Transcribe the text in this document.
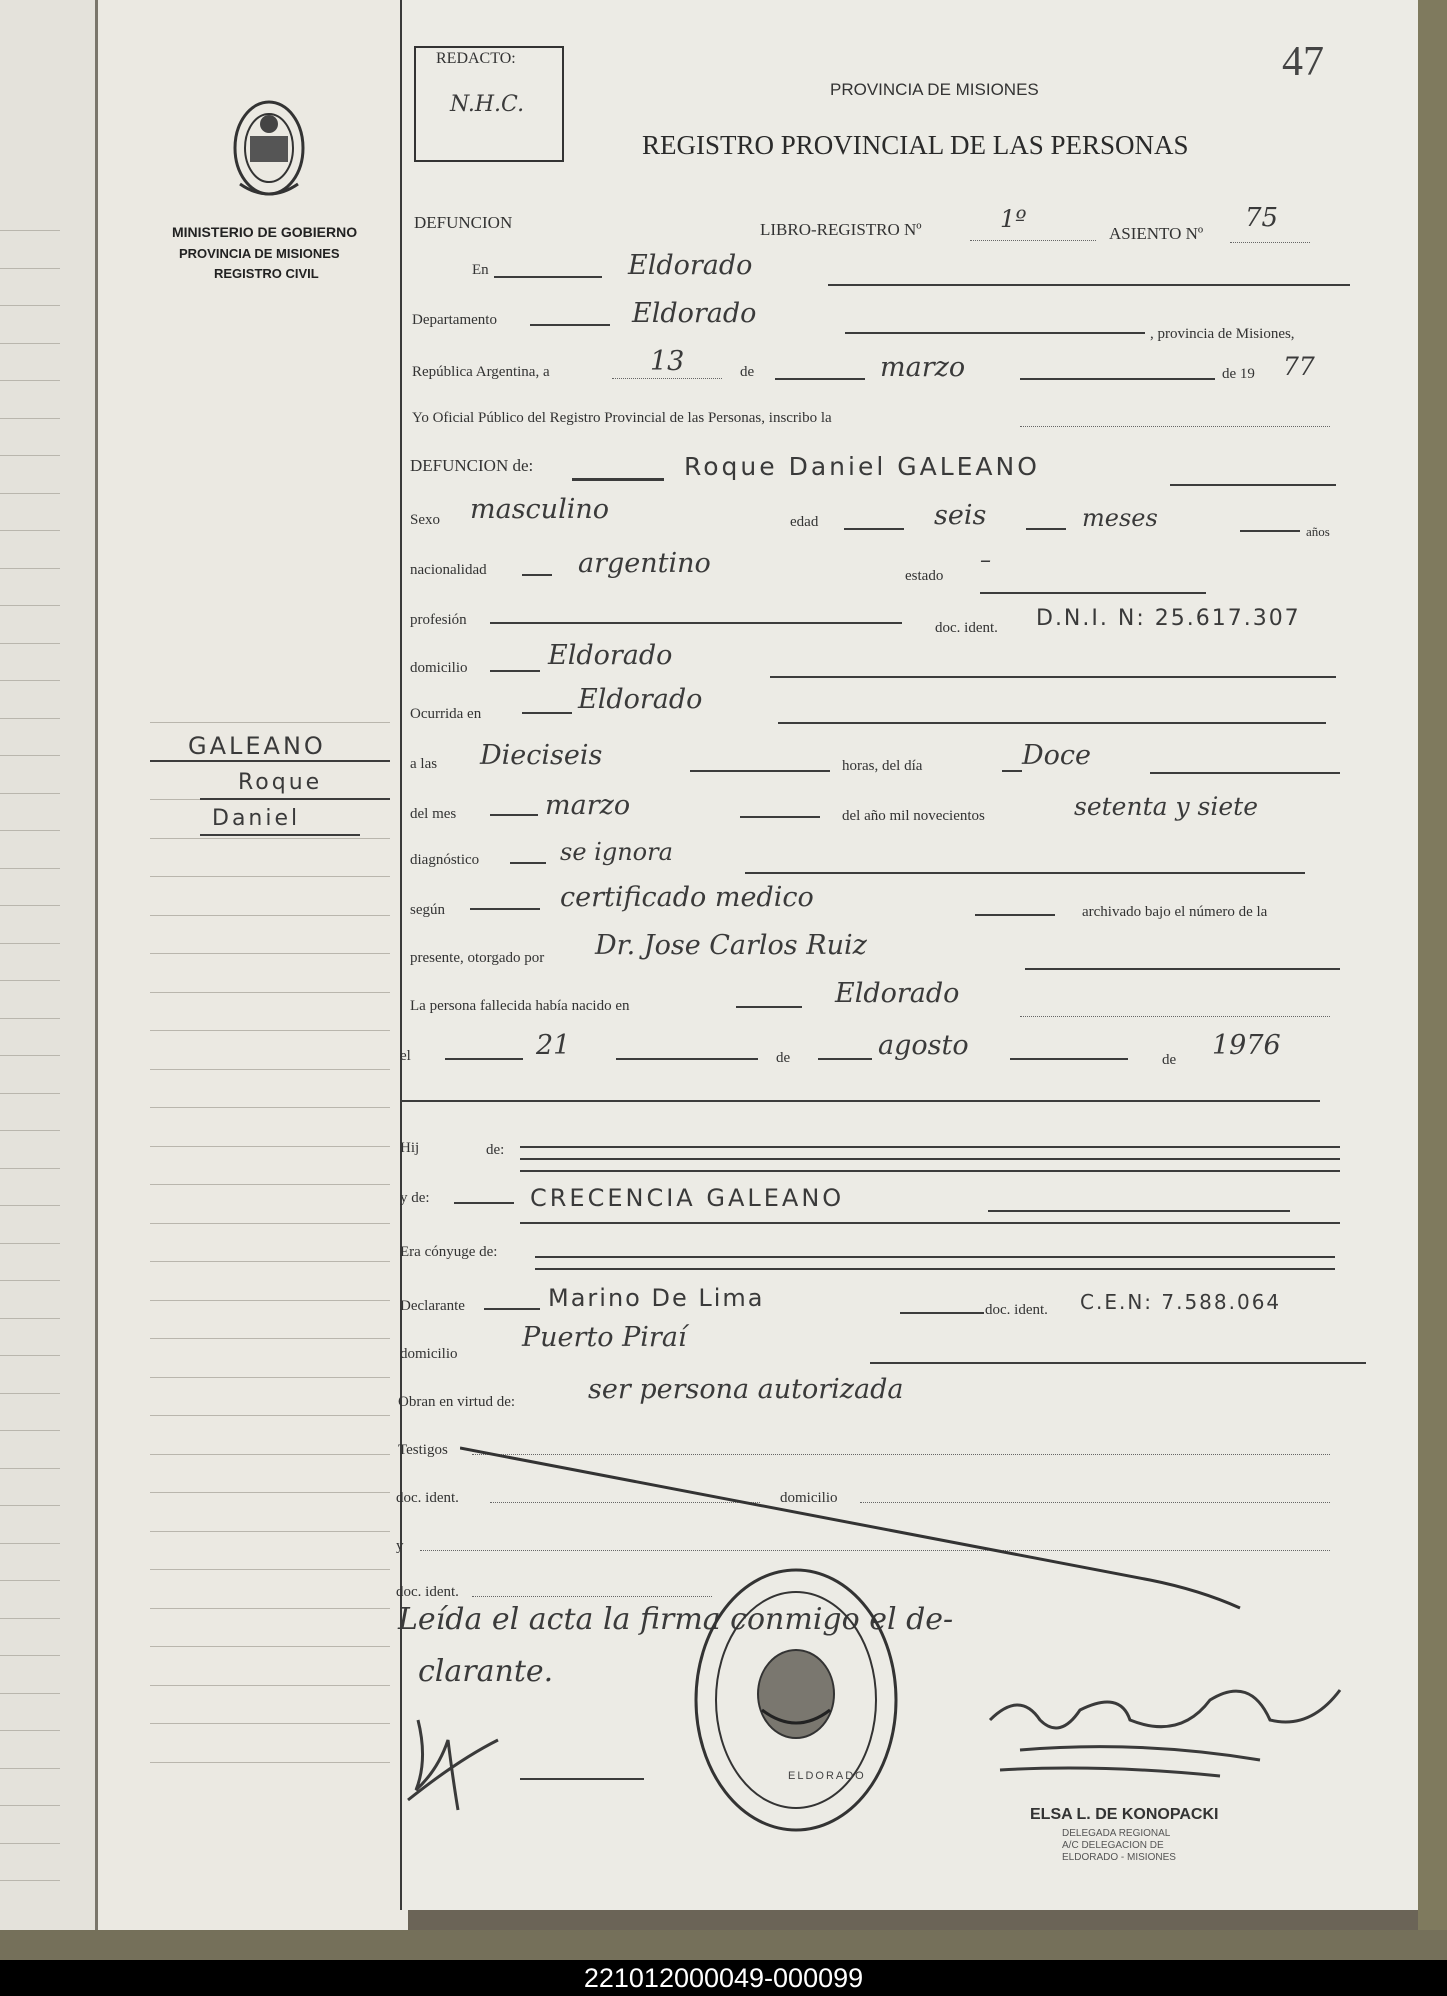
221012000049-000099
MINISTERIO DE GOBIERNO
PROVINCIA DE MISIONES
REGISTRO CIVIL
GALEANO
Roque
Daniel
REDACTO:
N.H.C.
47
PROVINCIA DE MISIONES
REGISTRO PROVINCIAL DE LAS PERSONAS
DEFUNCION	LIBRO-REGISTRO Nº	1º
ASIENTO Nº
75
En	Eldorado
Departamento	Eldorado
, provincia de Misiones,
República Argentina, a	13	de	marzo	de 19 77
Yo Oficial Público del Registro Provincial de las Personas, inscribo la
DEFUNCION de:	Roque Daniel GALEANO
Sexo masculino	edad	seis	meses	años
nacionalidad	argentino	estado
–
profesión	doc. ident. D.N.I. N: 25.617.307
domicilio	Eldorado
Ocurrida en	Eldorado
a las Dieciseis	horas, del día	Doce
del mes	marzo	del año mil novecientos	setenta y siete
diagnóstico	se ignora
según	certificado medico	archivado bajo el número de la
presente, otorgado por Dr. Jose Carlos Ruiz
La persona fallecida había nacido en	Eldorado
el	21	de	agosto	de 1976
Hij	de:
y de:	CRECENCIA GALEANO
Era cónyuge de:
Declarante	Marino De Lima	doc. ident. C.E.N: 7.588.064
domicilio
Puerto Piraí
Obran en virtud de:	ser persona autorizada
Testigos
doc. ident.	domicilio
y
doc. ident.
Leída el acta la firma conmigo el de-
clarante.
ELDORADO
ELSA L. DE KONOPACKI
DELEGADA REGIONAL
A/C DELEGACION DE
ELDORADO - MISIONES
